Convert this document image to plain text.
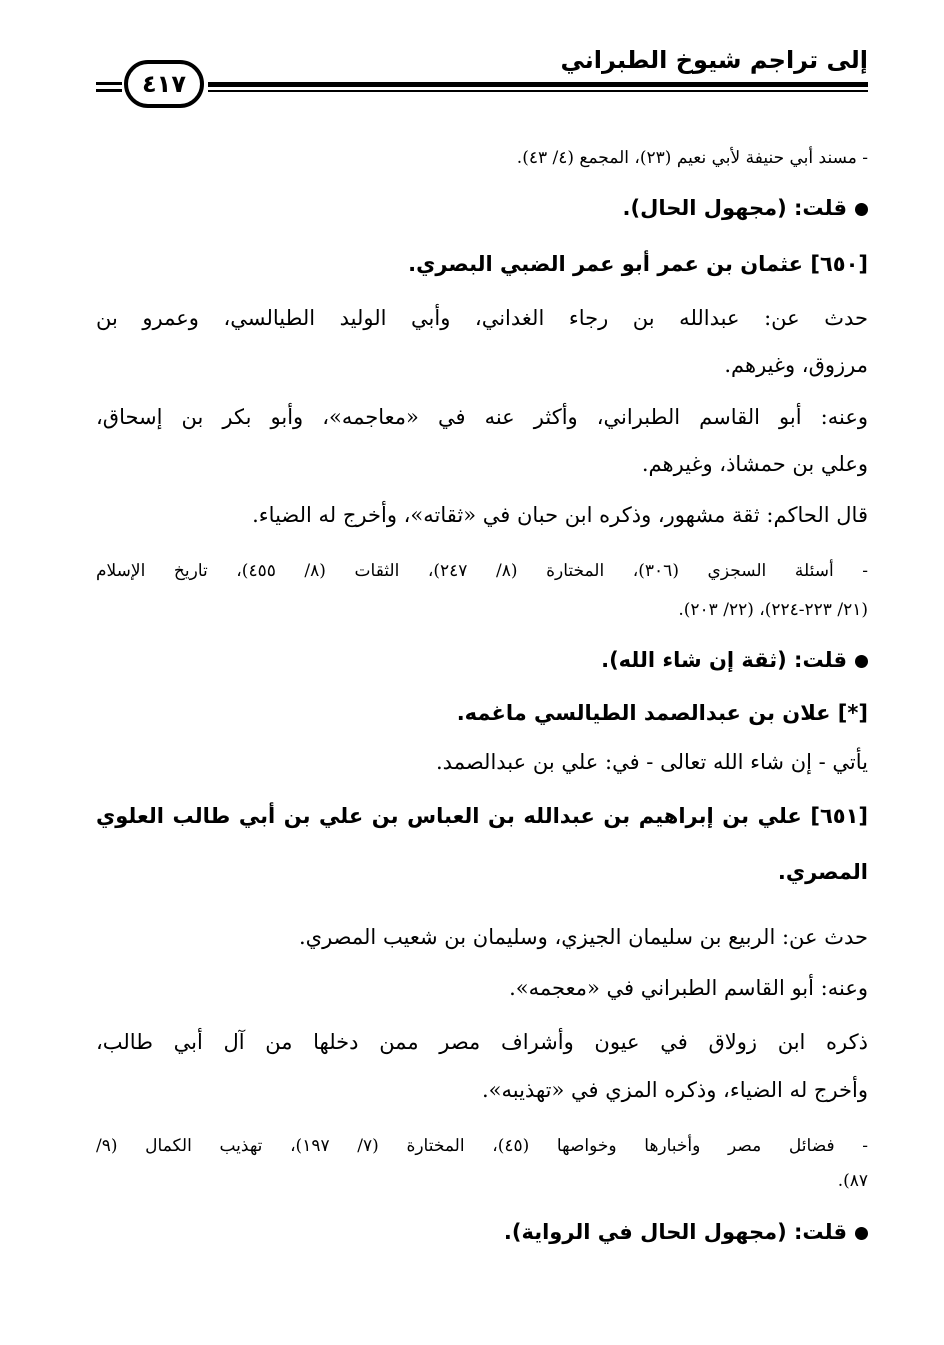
إلى تراجم شيوخ الطبراني
٤١٧
- مسند أبي حنيفة لأبي نعيم (٢٣)، المجمع (٤/ ٤٣).
قلت: (مجهول الحال).
[٦٥٠] عثمان بن عمر أبو عمر الضبي البصري.
حدث عن: عبدالله بن رجاء الغداني، وأبي الوليد الطيالسي، وعمرو بن
مرزوق، وغيرهم.
وعنه: أبو القاسم الطبراني، وأكثر عنه في «معاجمه»، وأبو بكر بن إسحاق،
وعلي بن حمشاذ، وغيرهم.
قال الحاكم: ثقة مشهور، وذكره ابن حبان في «ثقاته»، وأخرج له الضياء.
- أسئلة السجزي (٣٠٦)، المختارة (٨/ ٢٤٧)، الثقات (٨/ ٤٥٥)، تاريخ الإسلام
(٢١/ ٢٢٣-٢٢٤)، (٢٢/ ٢٠٣).
قلت: (ثقة إن شاء الله).
[*] علان بن عبدالصمد الطيالسي ماغمه.
يأتي - إن شاء الله تعالى - في: علي بن عبدالصمد.
[٦٥١] علي بن إبراهيم بن عبدالله بن العباس بن علي بن أبي طالب العلوي
المصري.
حدث عن: الربيع بن سليمان الجيزي، وسليمان بن شعيب المصري.
وعنه: أبو القاسم الطبراني في «معجمه».
ذكره ابن زولاق في عيون وأشراف مصر ممن دخلها من آل أبي طالب،
وأخرج له الضياء، وذكره المزي في «تهذيبه».
- فضائل مصر وأخبارها وخواصها (٤٥)، المختارة (٧/ ١٩٧)، تهذيب الكمال (٩/
٨٧).
قلت: (مجهول الحال في الرواية).
